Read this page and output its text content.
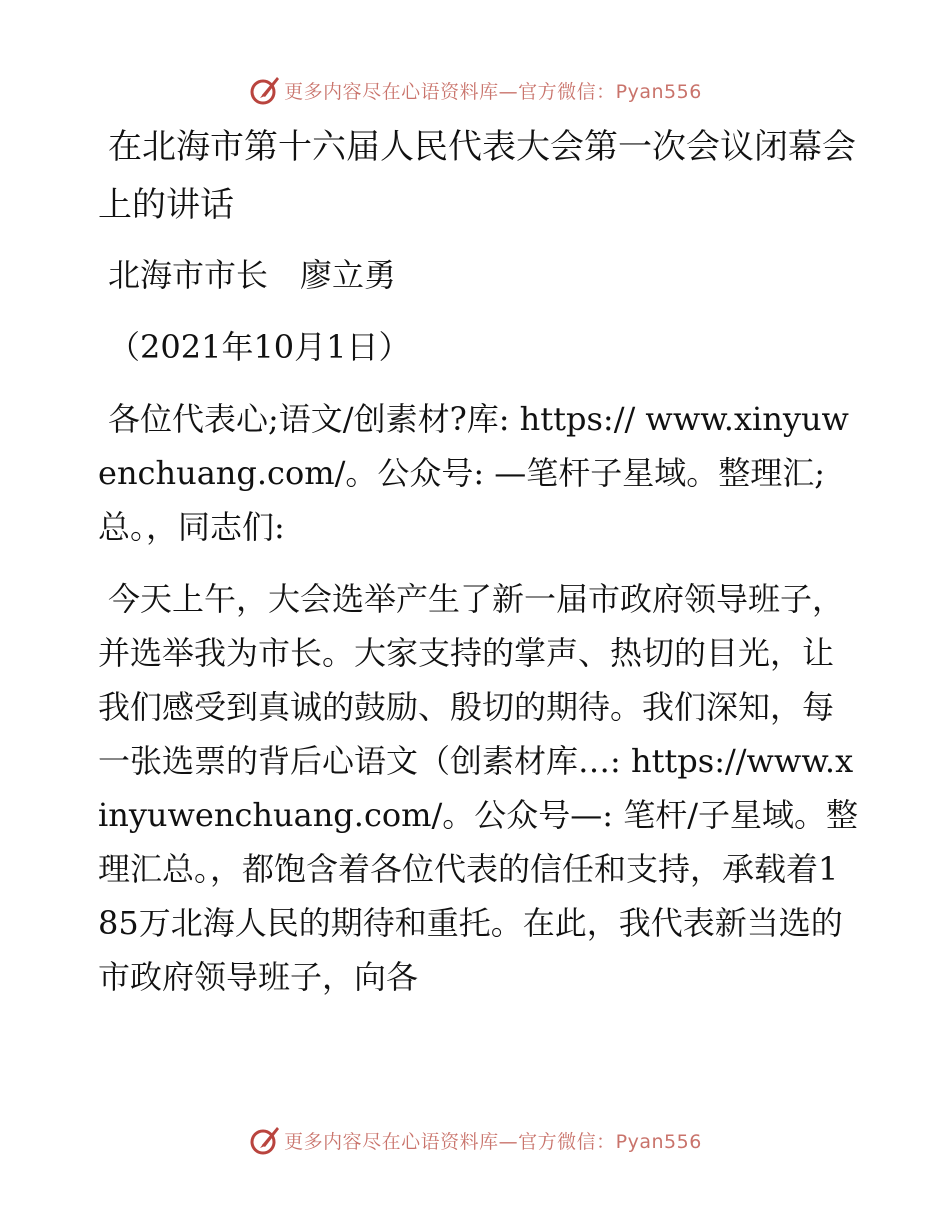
更多内容尽在心语资料库—官方微信：Pyan556
在北海市第十六届人民代表大会第一次会议闭幕会上的讲话

北海市市长　廖立勇

（2021年10月1日）

各位代表心;语文/创素材?库: https:// www.xinyuwenchuang.com/。公众号: —笔杆子星域。整理汇;总。，同志们:

今天上午，大会选举产生了新一届市政府领导班子，并选举我为市长。大家支持的掌声、热切的目光，让我们感受到真诚的鼓励、殷切的期待。我们深知，每一张选票的背后心语文（创素材库…: https://www.xinyuwenchuang.com/。公众号—: 笔杆/子星域。整理汇总。，都饱含着各位代表的信任和支持，承载着185万北海人民的期待和重托。在此，我代表新当选的市政府领导班子，向各

更多内容尽在心语资料库—官方微信：Pyan556
